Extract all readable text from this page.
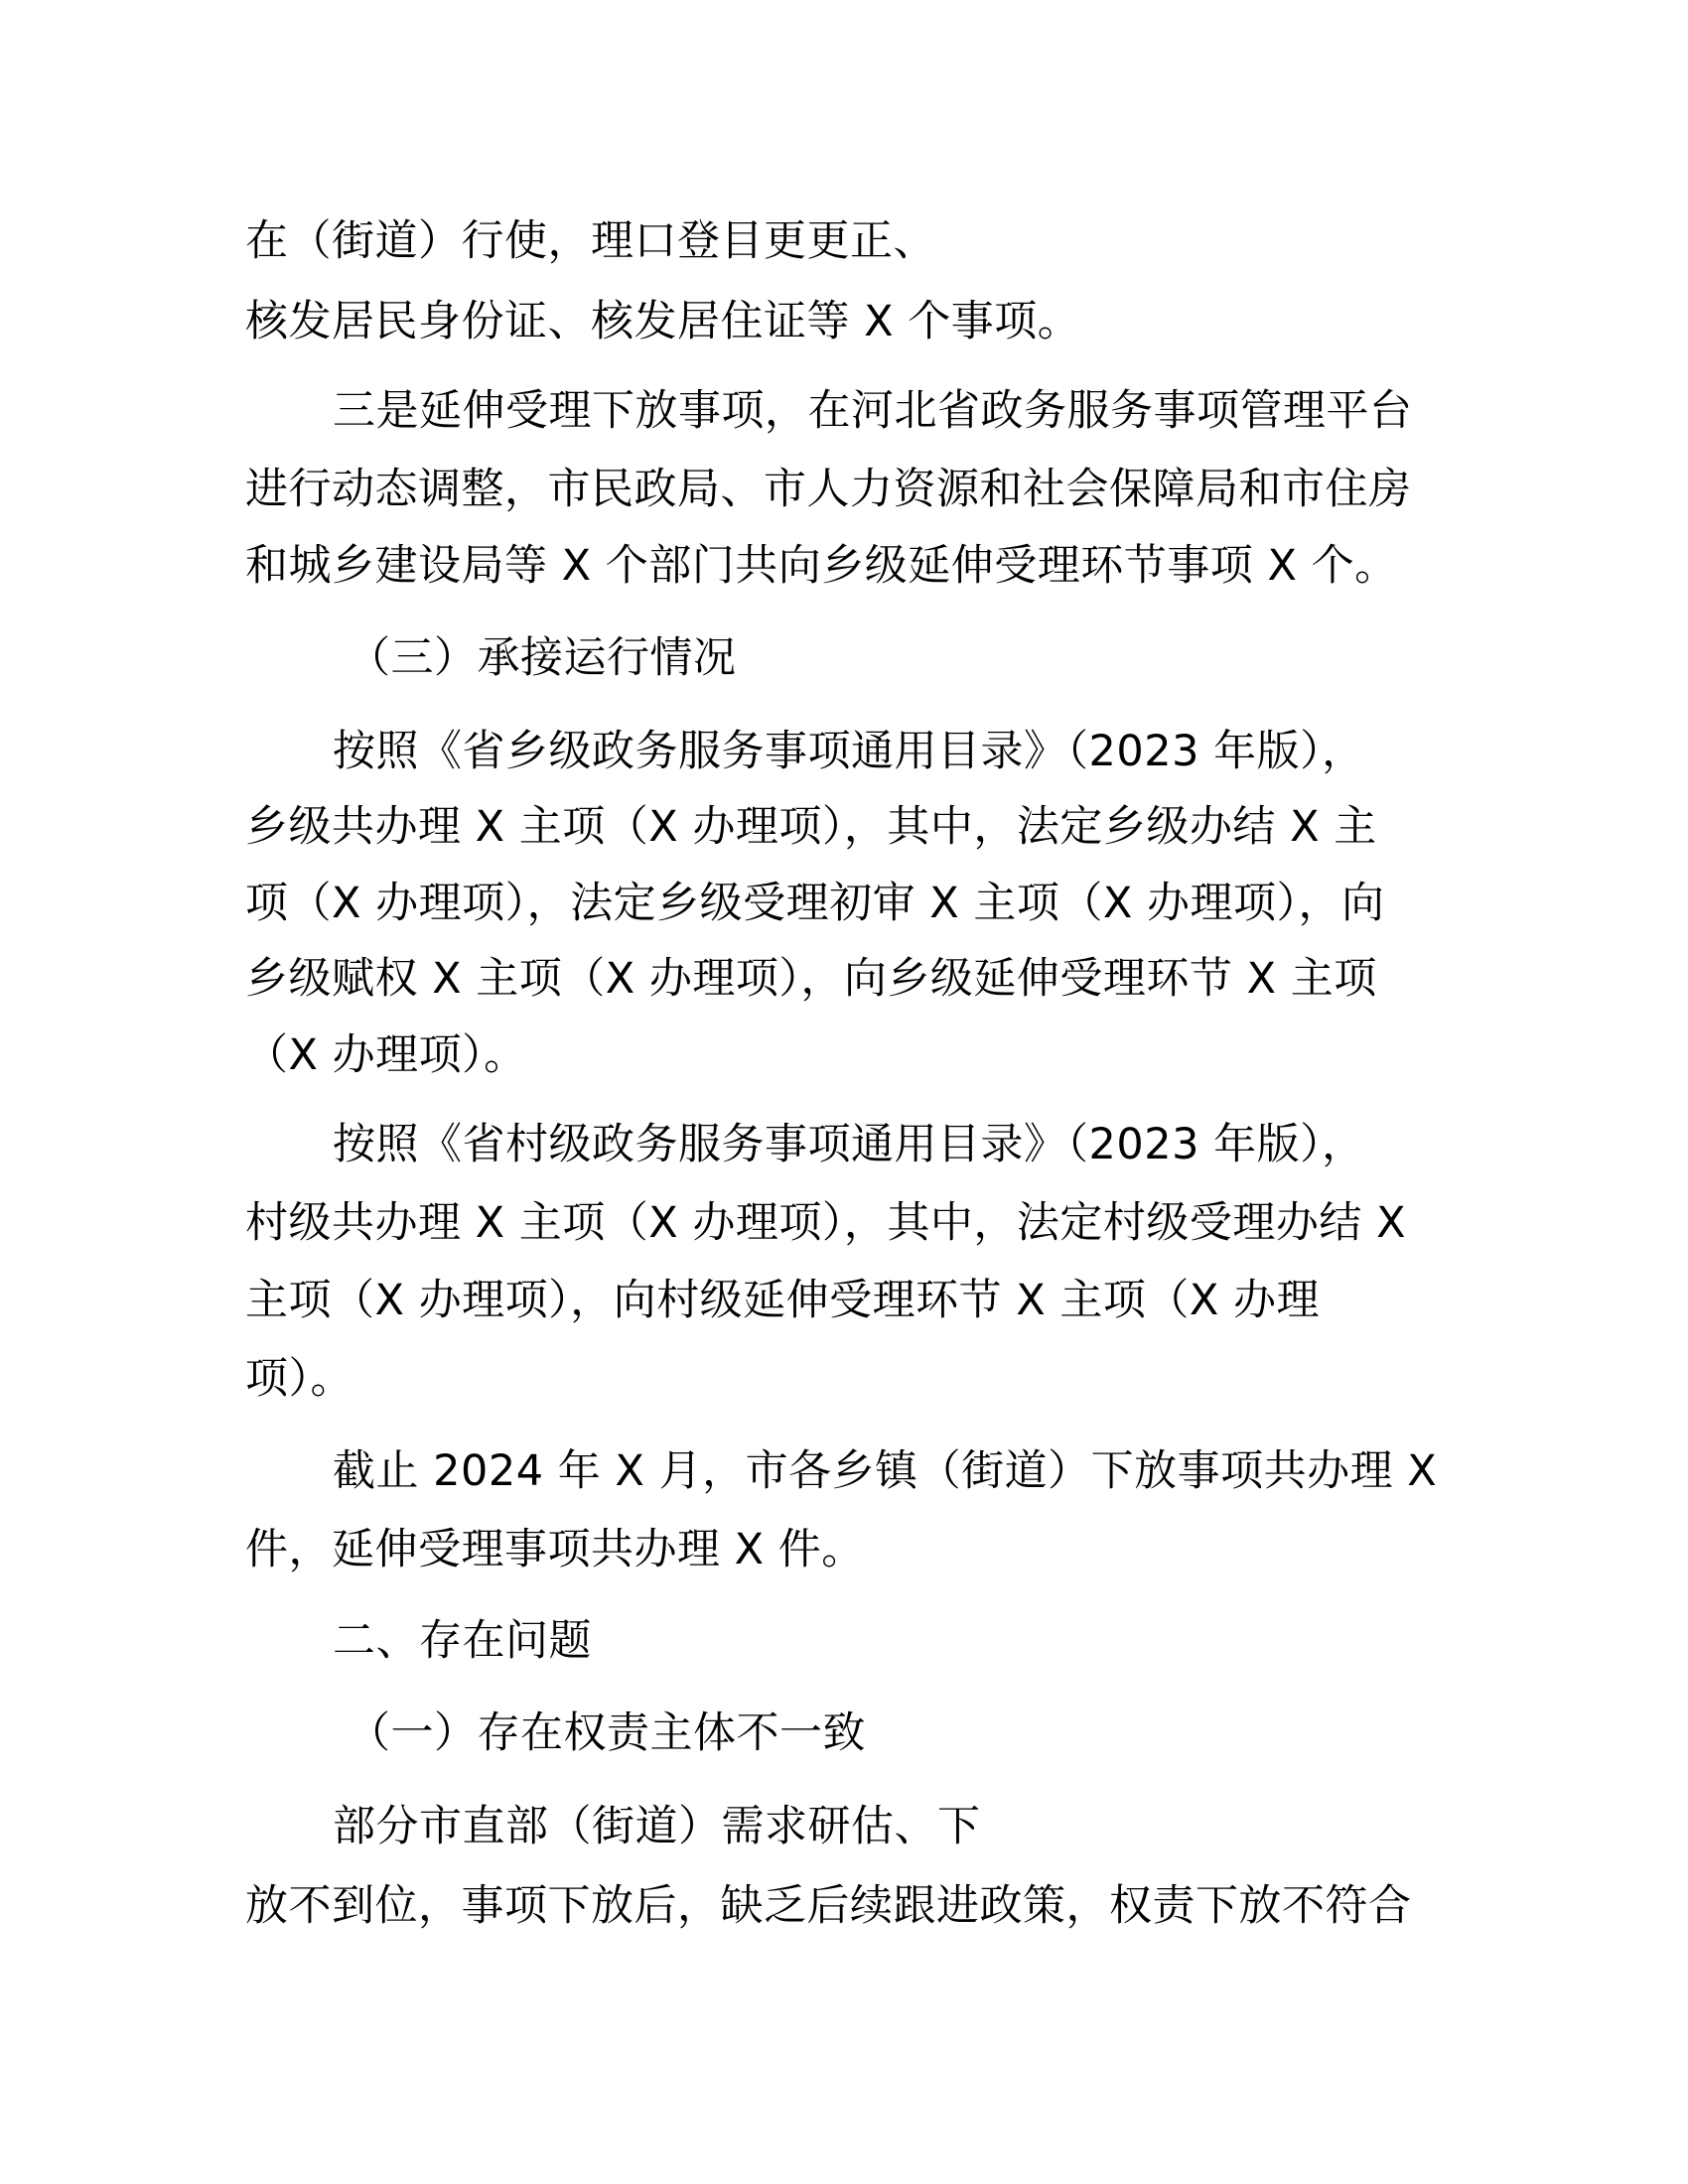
在（街道）行使，理口登目更更正、
核发居民身份证、核发居住证等 X 个事项。
三是延伸受理下放事项，在河北省政务服务事项管理平台
进行动态调整，市民政局、市人力资源和社会保障局和市住房
和城乡建设局等 X 个部门共向乡级延伸受理环节事项 X 个。
（三）承接运行情况
按照《省乡级政务服务事项通用目录》（2023 年版），
乡级共办理 X 主项（X 办理项），其中，法定乡级办结 X 主
项（X 办理项），法定乡级受理初审 X 主项（X 办理项），向
乡级赋权 X 主项（X 办理项），向乡级延伸受理环节 X 主项
（X 办理项）。
按照《省村级政务服务事项通用目录》（2023 年版），
村级共办理 X 主项（X 办理项），其中，法定村级受理办结 X
主项（X 办理项），向村级延伸受理环节 X 主项（X 办理
项）。
截止 2024 年 X 月，市各乡镇（街道）下放事项共办理 X
件，延伸受理事项共办理 X 件。
二、存在问题
（一）存在权责主体不一致
部分市直部（街道）需求研估、下
放不到位，事项下放后，缺乏后续跟进政策，权责下放不符合
